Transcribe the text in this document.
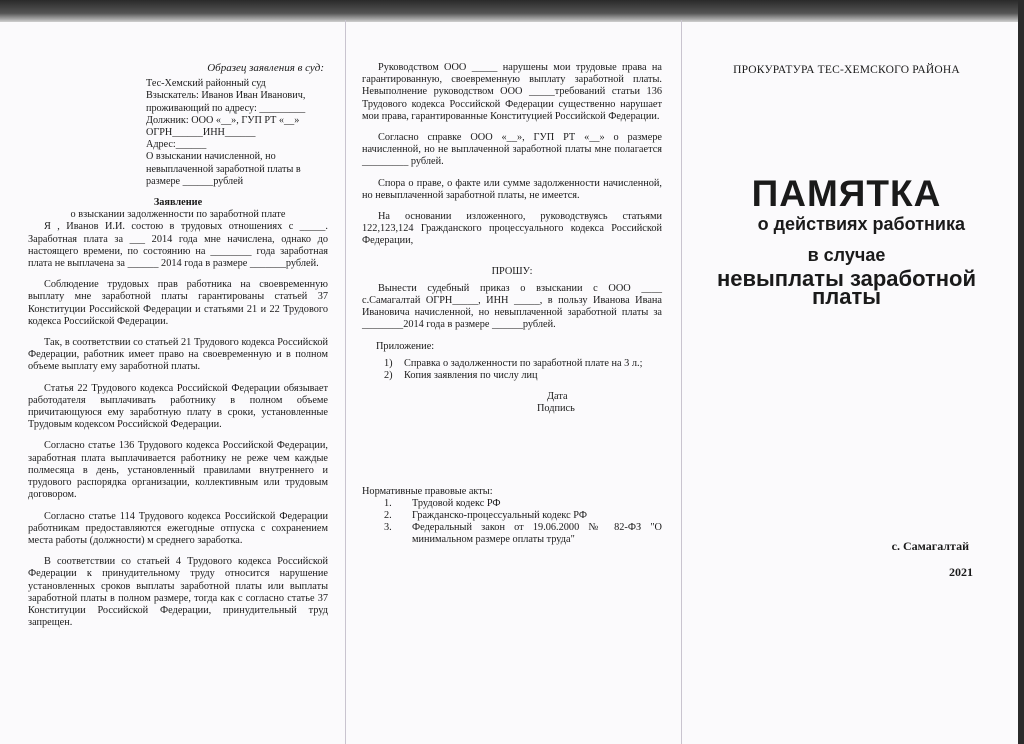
Образец заявления в суд:
Тес-Хемский районный суд
Взыскатель: Иванов Иван Иванович,
проживающий по адресу: _________
Должник: ООО «__», ГУП РТ «__»
ОГРН______ИНН______
Адрес:______
О взыскании начисленной, но
невыплаченной заработной платы в
размере ______рублей
Заявление
о взыскании задолженности по заработной плате

Я , Иванов И.И. состою в трудовых отношениях с _____. Заработная плата за ___ 2014 года мне начислена, однако до настоящего времени, по состоянию на ________ года заработная плата не выплачена за ______ 2014 года в размере _______рублей.

Соблюдение трудовых прав работника на своевременную выплату мне заработной платы гарантированы статьей 37 Конституции Российской Федерации и статьями 21 и 22 Трудового кодекса Российской Федерации.

Так, в соответствии со статьей 21 Трудового кодекса Российской Федерации, работник имеет право на своевременную и в полном объеме выплату ему заработной платы.

Статья 22 Трудового кодекса Российской Федерации обязывает работодателя выплачивать работнику в полном объеме причитающуюся ему заработную плату в сроки, установленные Трудовым кодексом Российской Федерации.

Согласно статье 136 Трудового кодекса Российской Федерации, заработная плата выплачивается работнику не реже чем каждые полмесяца в день, установленный правилами внутреннего и трудового распорядка организации, коллективным или трудовым договором.

Согласно статье 114 Трудового кодекса Российской Федерации работникам предоставляются ежегодные отпуска с сохранением места работы (должности) м среднего заработка.

В соответствии со статьей 4 Трудового кодекса Российской Федерации к принудительному труду относится нарушение установленных сроков выплаты заработной платы или выплаты заработной платы в полном размере, тогда как с согласно статье 37 Конституции Российской Федерации, принудительный труд запрещен.

Руководством ООО _____ нарушены мои трудовые права на гарантированную, своевременную выплату заработной платы. Невыполнение руководством ООО _____требований статьи 136 Трудового кодекса Российской Федерации существенно нарушает мои права, гарантированные Конституцией Российской Федерации.

Согласно справке ООО «__», ГУП РТ «__» о размере начисленной, но не выплаченной заработной платы мне полагается _________ рублей.

Спора о праве, о факте или сумме задолженности начисленной, но невыплаченной заработной платы, не имеется.

На основании изложенного, руководствуясь статьями 122,123,124 Гражданского процессуального кодекса Российской Федерации,

ПРОШУ:

Вынести судебный приказ о взыскании с ООО ____ с.Самагалтай ОГРН_____, ИНН _____, в пользу Иванова Ивана Ивановича начисленной, но невыплаченной заработной платы за ________2014 года в размере ______рублей.

Приложение:
1)	Справка о задолженности по заработной плате на 3 л.;
2)	Копия заявления по числу лиц
Дата
Подпись
Нормативные правовые акты:
1.	Трудовой кодекс РФ
2.	Гражданско-процессуальный кодекс РФ
3.	Федеральный закон от 19.06.2000 № 82-ФЗ "О минимальном размере оплаты труда"
ПРОКУРАТУРА ТЕС-ХЕМСКОГО РАЙОНА
ПАМЯТКА
о действиях работника
в случае
невыплаты заработной
платы
с. Самагалтай
2021
